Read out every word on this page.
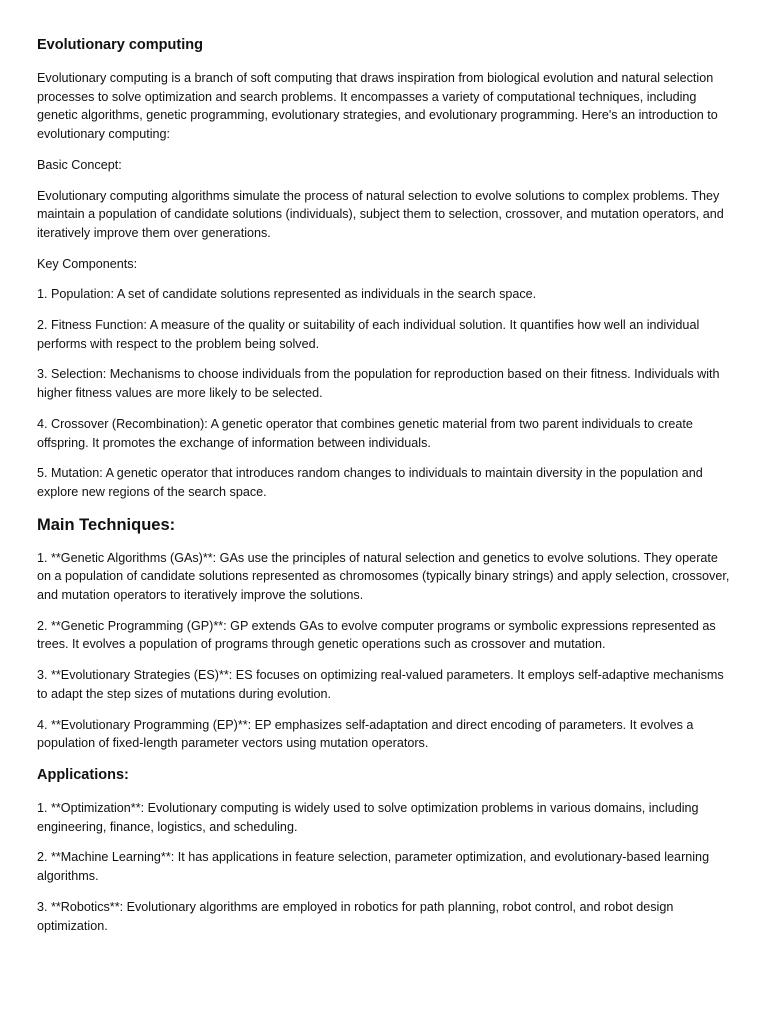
Evolutionary computing

Evolutionary computing is a branch of soft computing that draws inspiration from biological evolution and natural selection processes to solve optimization and search problems. It encompasses a variety of computational techniques, including genetic algorithms, genetic programming, evolutionary strategies, and evolutionary programming. Here's an introduction to evolutionary computing:

Basic Concept:

Evolutionary computing algorithms simulate the process of natural selection to evolve solutions to complex problems. They maintain a population of candidate solutions (individuals), subject them to selection, crossover, and mutation operators, and iteratively improve them over generations.

Key Components:

1. Population: A set of candidate solutions represented as individuals in the search space.

2. Fitness Function: A measure of the quality or suitability of each individual solution. It quantifies how well an individual performs with respect to the problem being solved.

3. Selection: Mechanisms to choose individuals from the population for reproduction based on their fitness. Individuals with higher fitness values are more likely to be selected.

4. Crossover (Recombination): A genetic operator that combines genetic material from two parent individuals to create offspring. It promotes the exchange of information between individuals.

5. Mutation: A genetic operator that introduces random changes to individuals to maintain diversity in the population and explore new regions of the search space.

Main Techniques:

1. **Genetic Algorithms (GAs)**: GAs use the principles of natural selection and genetics to evolve solutions. They operate on a population of candidate solutions represented as chromosomes (typically binary strings) and apply selection, crossover, and mutation operators to iteratively improve the solutions.

2. **Genetic Programming (GP)**: GP extends GAs to evolve computer programs or symbolic expressions represented as trees. It evolves a population of programs through genetic operations such as crossover and mutation.

3. **Evolutionary Strategies (ES)**: ES focuses on optimizing real-valued parameters. It employs self-adaptive mechanisms to adapt the step sizes of mutations during evolution.

4. **Evolutionary Programming (EP)**: EP emphasizes self-adaptation and direct encoding of parameters. It evolves a population of fixed-length parameter vectors using mutation operators.

Applications:

1. **Optimization**: Evolutionary computing is widely used to solve optimization problems in various domains, including engineering, finance, logistics, and scheduling.

2. **Machine Learning**: It has applications in feature selection, parameter optimization, and evolutionary-based learning algorithms.

3. **Robotics**: Evolutionary algorithms are employed in robotics for path planning, robot control, and robot design optimization.
